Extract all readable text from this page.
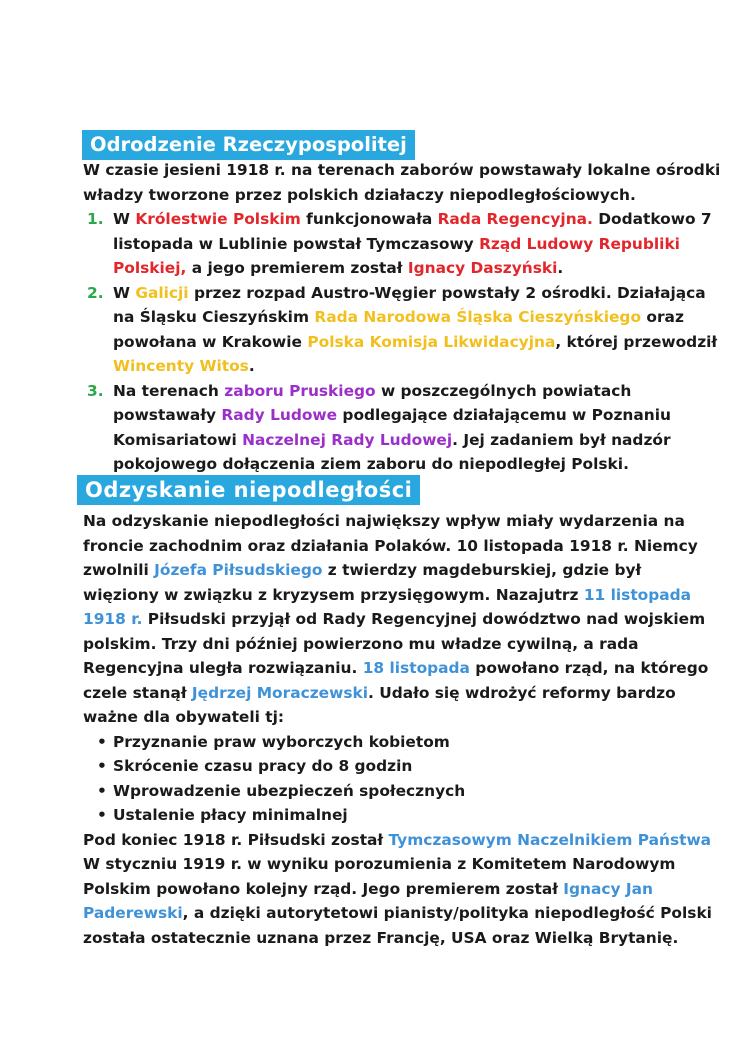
Odrodzenie Rzeczypospolitej
W czasie jesieni 1918 r. na terenach zaborów powstawały lokalne ośrodki
władzy tworzone przez polskich działaczy niepodległościowych.
1. W Królestwie Polskim funkcjonowała Rada Regencyjna. Dodatkowo 7
listopada w Lublinie powstał Tymczasowy Rząd Ludowy Republiki
Polskiej, a jego premierem został Ignacy Daszyński.
2. W Galicji przez rozpad Austro-Węgier powstały 2 ośrodki. Działająca
na Śląsku Cieszyńskim Rada Narodowa Śląska Cieszyńskiego oraz
powołana w Krakowie Polska Komisja Likwidacyjna, której przewodził
Wincenty Witos.
3. Na terenach zaboru Pruskiego w poszczególnych powiatach
powstawały Rady Ludowe podlegające działającemu w Poznaniu
Komisariatowi Naczelnej Rady Ludowej. Jej zadaniem był nadzór
pokojowego dołączenia ziem zaboru do niepodległej Polski.
Odzyskanie niepodległości
Na odzyskanie niepodległości największy wpływ miały wydarzenia na
froncie zachodnim oraz działania Polaków. 10 listopada 1918 r. Niemcy
zwolnili Józefa Piłsudskiego z twierdzy magdeburskiej, gdzie był
więziony w związku z kryzysem przysięgowym. Nazajutrz 11 listopada
1918 r. Piłsudski przyjął od Rady Regencyjnej dowództwo nad wojskiem
polskim. Trzy dni później powierzono mu władze cywilną, a rada
Regencyjna uległa rozwiązaniu. 18 listopada powołano rząd, na którego
czele stanął Jędrzej Moraczewski. Udało się wdrożyć reformy bardzo
ważne dla obywateli tj:
• Przyznanie praw wyborczych kobietom
• Skrócenie czasu pracy do 8 godzin
• Wprowadzenie ubezpieczeń społecznych
• Ustalenie płacy minimalnej
Pod koniec 1918 r. Piłsudski został Tymczasowym Naczelnikiem Państwa
W styczniu 1919 r. w wyniku porozumienia z Komitetem Narodowym
Polskim powołano kolejny rząd. Jego premierem został Ignacy Jan
Paderewski, a dzięki autorytetowi pianisty/polityka niepodległość Polski
została ostatecznie uznana przez Francję, USA oraz Wielką Brytanię.
